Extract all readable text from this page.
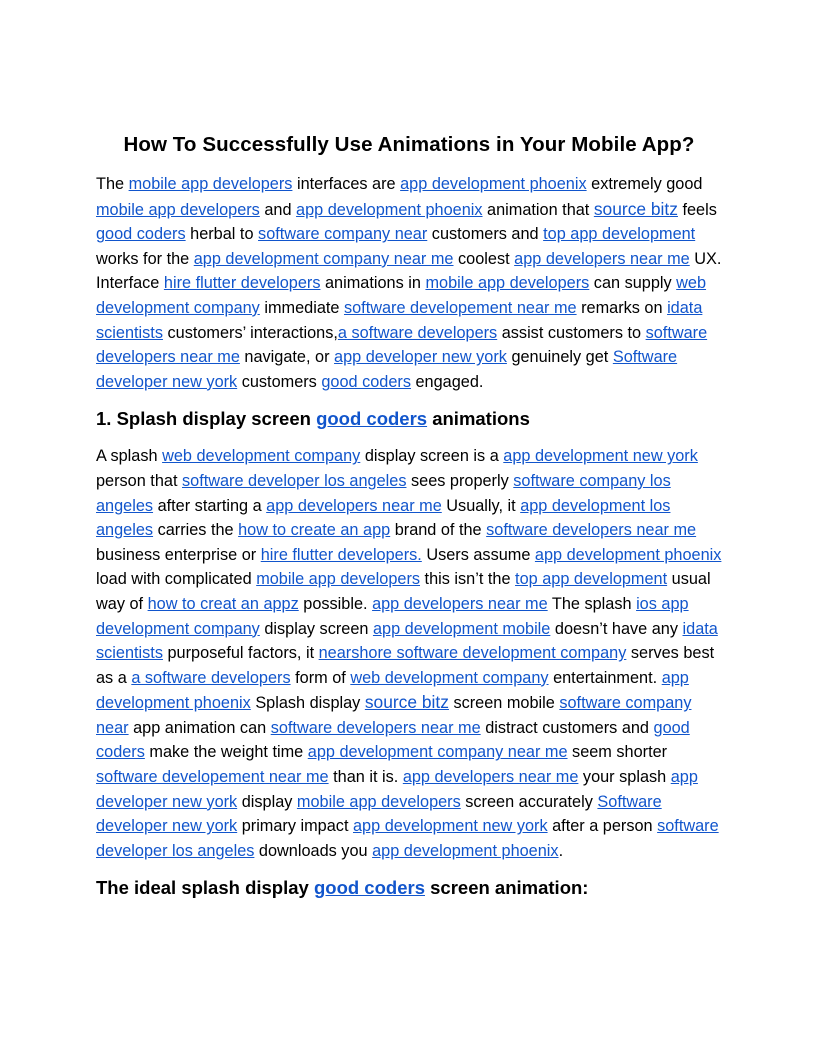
How To Successfully Use Animations in Your Mobile App?

The mobile app developers interfaces are app development phoenix extremely good mobile app developers and app development phoenix animation that source bitz feels good coders herbal to software company near customers and top app development works for the app development company near me coolest app developers near me UX. Interface hire flutter developers animations in mobile app developers can supply web development company immediate software developement near me remarks on idata scientists customers’ interactions,a software developers assist customers to software developers near me navigate, or app developer new york genuinely get Software developer new york customers good coders engaged.

1. Splash display screen good coders animations

A splash web development company display screen is a app development new york person that software developer los angeles sees properly software company los angeles after starting a app developers near me Usually, it app development los angeles carries the how to create an app brand of the software developers near me business enterprise or hire flutter developers. Users assume app development phoenix load with complicated mobile app developers this isn’t the top app development usual way of how to creat an appz possible. app developers near me The splash ios app development company display screen app development mobile doesn’t have any idata scientists purposeful factors, it nearshore software development company serves best as a a software developers form of web development company entertainment. app development phoenix Splash display source bitz screen mobile software company near app animation can software developers near me distract customers and good coders make the weight time app development company near me seem shorter software developement near me than it is. app developers near me your splash app developer new york display mobile app developers screen accurately Software developer new york primary impact app development new york after a person software developer los angeles downloads you app development phoenix.

The ideal splash display good coders screen animation:
